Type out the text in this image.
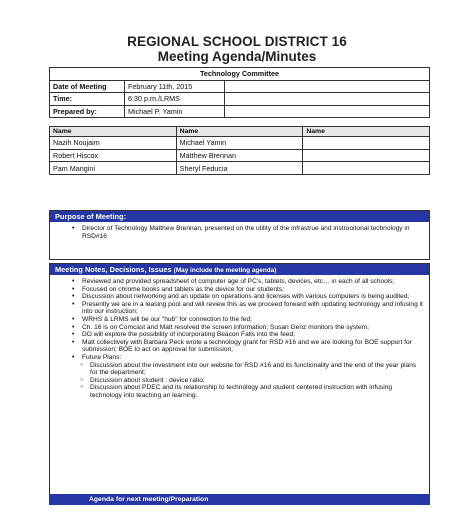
REGIONAL SCHOOL DISTRICT 16
Meeting Agenda/Minutes
Technology Committee		
Date of Meeting	February 11th, 2015	
Time:	6:30 p.m./LRMS	
Prepared by:	Michael P. Yamin	
Name	Name	Name
Nazih Noujaim	Michael Yamin	
Robert Hiscox	Matthew Brennan	
Pam Mangini	Sheryl Feducia	
Purpose of Meeting:
• Director of Technology Matthew Brennan, presented on the utility of the infrastrue and instruoitonal technology in RSD#16
Meeting Notes, Decisions, Issues (May include the meeting agenda)
• Reviewed and provided spreadsheet of computer age of PC's, tablets, devices, etc… in each of all schools;
• Focused on chrome books and tablets as the device for our students;
• Discussion about networking and an update on operations and licenses with various computers is being audited;
• Presently we are in a leasing pool and will review this as we proceed forward with updating technology and infusing it into our instruction;
• WRHS & LRMS will be our "hub" for connection to the fed;
• Ch. 16 is on Comcast and Matt resolved the screen information; Susan Genz monitors the system;
• DO will explore the possibility of incorporating Beacon Falls into the feed;
• Matt collectively with Barbara Peck wrote a technology grant for RSD #16 and we are looking for BOE support for submission; BOE to act on approval for submission;
• Future Plans:
○ Discussion about the investment into our website for RSD #16 and its functionality and the end of the year plans for the department;
○ Discussion about student : device ratio;
○ Discussion about PDEC and its relationship to technology and student centered instruction with infusing technology into teaching an learning.
Agenda for next meeting/Preparation
